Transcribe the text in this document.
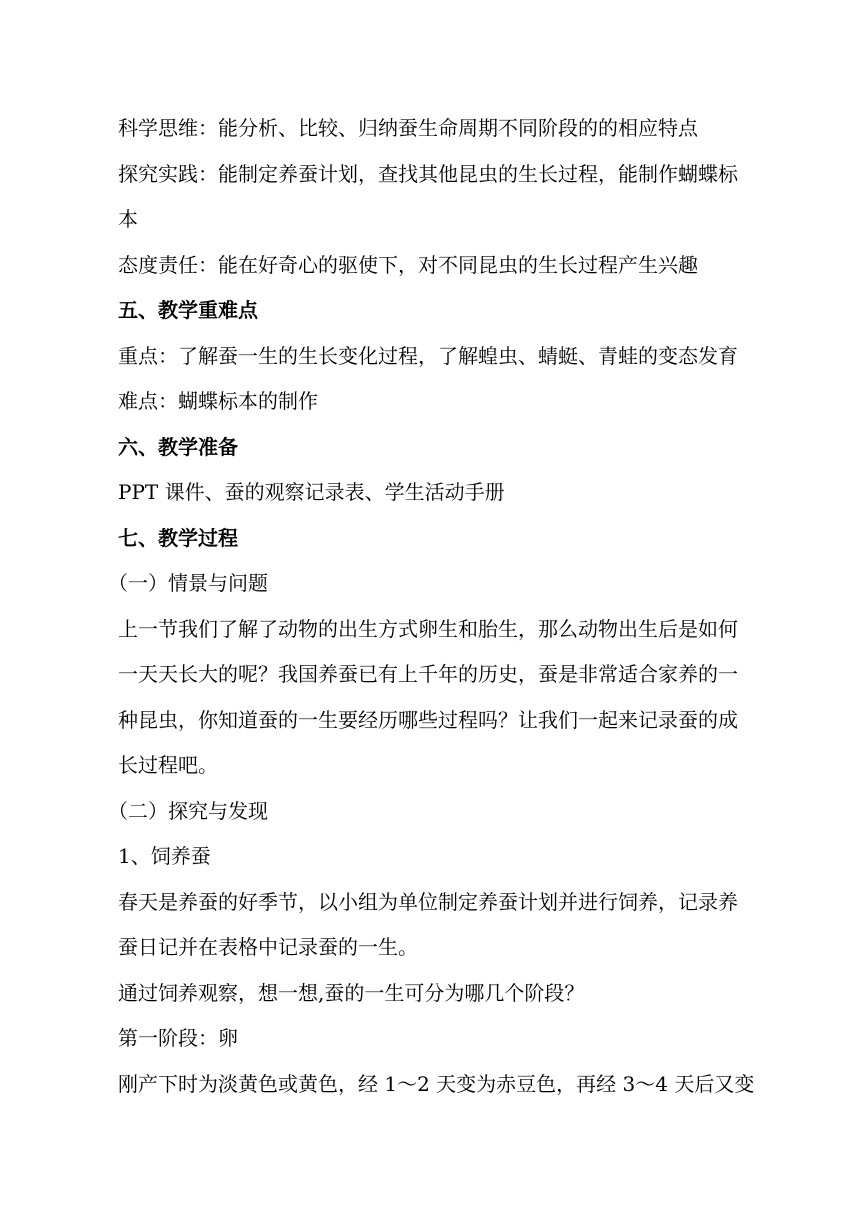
科学思维：能分析、比较、归纳蚕生命周期不同阶段的的相应特点

探究实践：能制定养蚕计划，查找其他昆虫的生长过程，能制作蝴蝶标

本

态度责任：能在好奇心的驱使下，对不同昆虫的生长过程产生兴趣

五、教学重难点

重点：了解蚕一生的生长变化过程，了解蝗虫、蜻蜓、青蛙的变态发育

难点：蝴蝶标本的制作

六、教学准备

PPT 课件、蚕的观察记录表、学生活动手册

七、教学过程

（一）情景与问题

上一节我们了解了动物的出生方式卵生和胎生，那么动物出生后是如何

一天天长大的呢？我国养蚕已有上千年的历史，蚕是非常适合家养的一

种昆虫，你知道蚕的一生要经历哪些过程吗？让我们一起来记录蚕的成

长过程吧。

（二）探究与发现

1、饲养蚕

春天是养蚕的好季节，以小组为单位制定养蚕计划并进行饲养，记录养

蚕日记并在表格中记录蚕的一生。

通过饲养观察，想一想,蚕的一生可分为哪几个阶段？

第一阶段：卵

刚产下时为淡黄色或黄色，经 1～2 天变为赤豆色，再经 3～4 天后又变
